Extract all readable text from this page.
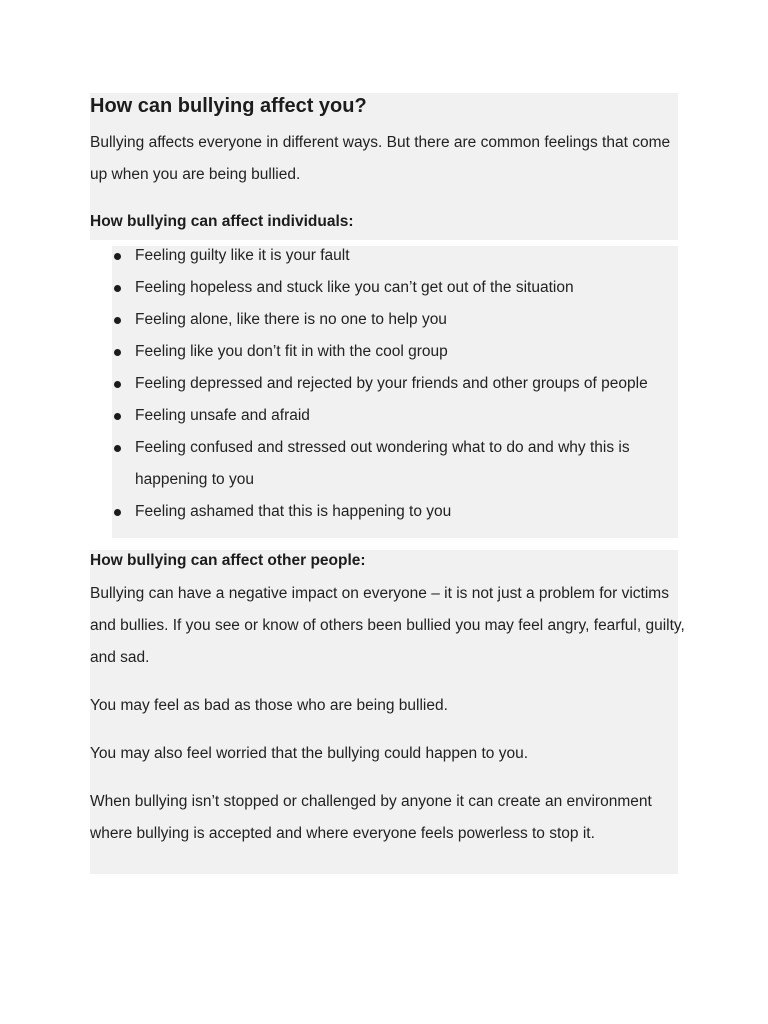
How can bullying affect you?

Bullying affects everyone in different ways. But there are common feelings that come up when you are being bullied.

How bullying can affect individuals:
Feeling guilty like it is your fault
Feeling hopeless and stuck like you can’t get out of the situation
Feeling alone, like there is no one to help you
Feeling like you don’t fit in with the cool group
Feeling depressed and rejected by your friends and other groups of people
Feeling unsafe and afraid
Feeling confused and stressed out wondering what to do and why this is happening to you
Feeling ashamed that this is happening to you
How bullying can affect other people:

Bullying can have a negative impact on everyone – it is not just a problem for victims and bullies. If you see or know of others been bullied you may feel angry, fearful, guilty, and sad.

You may feel as bad as those who are being bullied.

You may also feel worried that the bullying could happen to you.

When bullying isn’t stopped or challenged by anyone it can create an environment where bullying is accepted and where everyone feels powerless to stop it.
